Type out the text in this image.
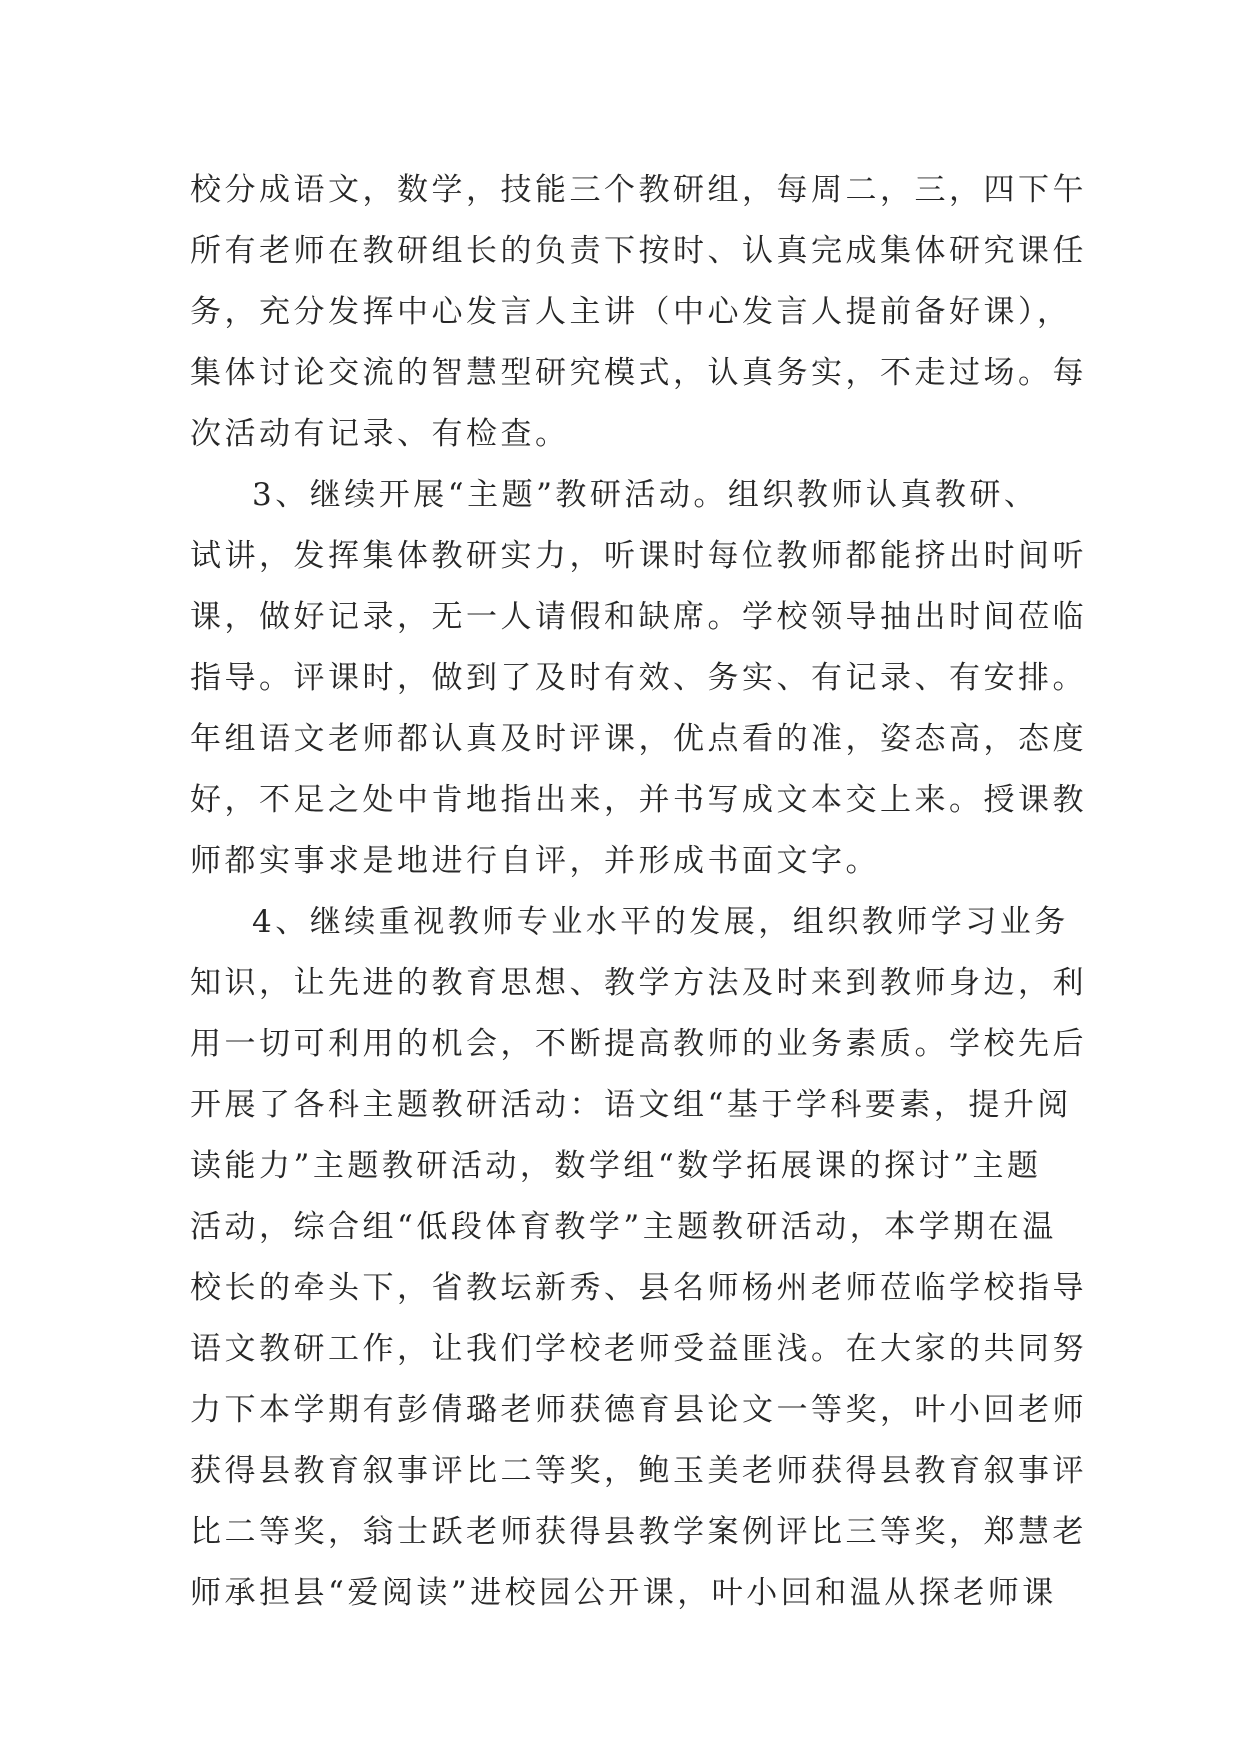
校分成语文，数学，技能三个教研组，每周二，三，四下午
所有老师在教研组长的负责下按时、认真完成集体研究课任
务，充分发挥中心发言人主讲（中心发言人提前备好课），
集体讨论交流的智慧型研究模式，认真务实，不走过场。每
次活动有记录、有检查。
3、继续开展“主题”教研活动。组织教师认真教研、
试讲，发挥集体教研实力，听课时每位教师都能挤出时间听
课，做好记录，无一人请假和缺席。学校领导抽出时间莅临
指导。评课时，做到了及时有效、务实、有记录、有安排。
年组语文老师都认真及时评课，优点看的准，姿态高，态度
好，不足之处中肯地指出来，并书写成文本交上来。授课教
师都实事求是地进行自评，并形成书面文字。
4、继续重视教师专业水平的发展，组织教师学习业务
知识，让先进的教育思想、教学方法及时来到教师身边，利
用一切可利用的机会，不断提高教师的业务素质。学校先后
开展了各科主题教研活动：语文组“基于学科要素，提升阅
读能力”主题教研活动，数学组“数学拓展课的探讨”主题
活动，综合组“低段体育教学”主题教研活动，本学期在温
校长的牵头下，省教坛新秀、县名师杨州老师莅临学校指导
语文教研工作，让我们学校老师受益匪浅。在大家的共同努
力下本学期有彭倩璐老师获德育县论文一等奖，叶小回老师
获得县教育叙事评比二等奖，鲍玉美老师获得县教育叙事评
比二等奖，翁士跃老师获得县教学案例评比三等奖，郑慧老
师承担县“爱阅读”进校园公开课，叶小回和温从探老师课
